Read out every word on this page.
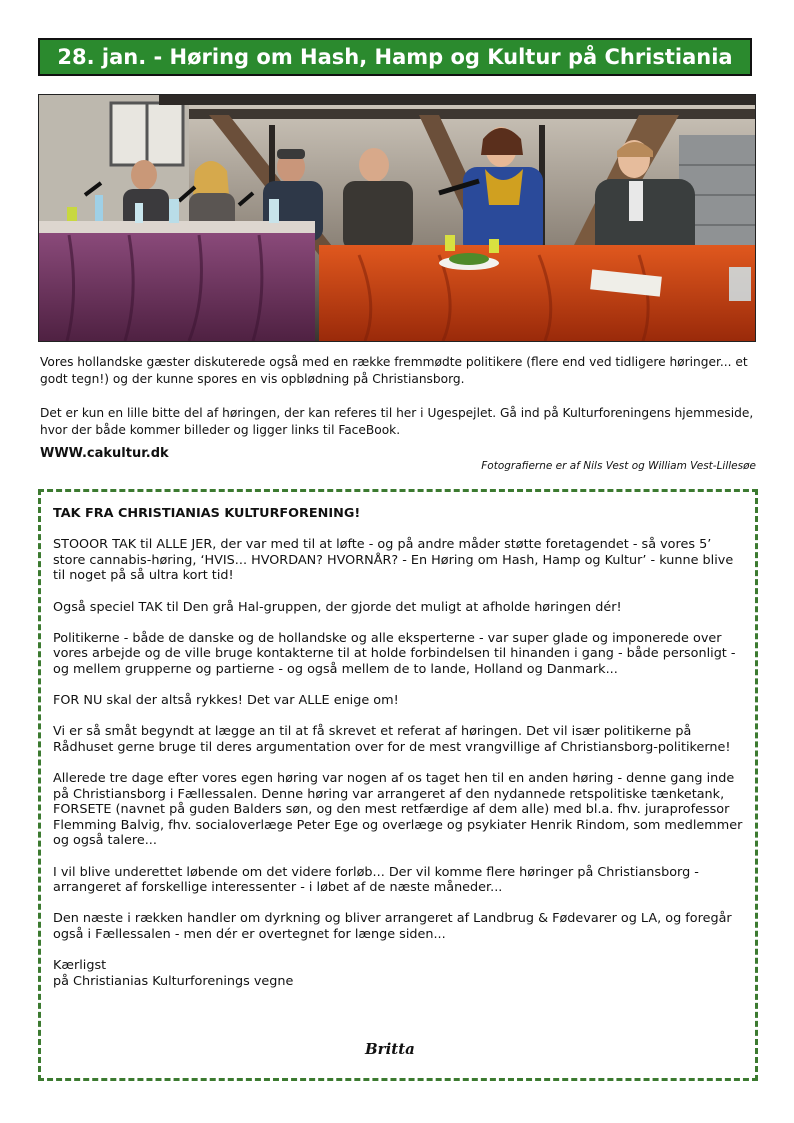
28. jan. - Høring om Hash, Hamp og Kultur på Christiania

Vores hollandske gæster diskuterede også med en række fremmødte politikere (flere end ved tidligere høringer... et godt tegn!) og der kunne spores en vis opblødning på Christiansborg.

Det er kun en lille bitte del af høringen, der kan referes til her i Ugespejlet. Gå ind på Kulturforeningens hjemmeside, hvor der både kommer billeder og ligger links til FaceBook.

WWW.cakultur.dk
Fotografierne er af Nils Vest og William Vest-Lillesøe

TAK FRA CHRISTIANIAS KULTURFORENING!

STOOOR TAK til ALLE JER, der var med til at løfte - og på andre måder støtte foretagendet - så vores 5’ store cannabis-høring, ‘HVIS... HVORDAN? HVORNÅR? - En Høring om Hash, Hamp og Kultur’ - kunne blive til noget på så ultra kort tid!

Også speciel TAK til Den grå Hal-gruppen, der gjorde det muligt at afholde høringen dér!

Politikerne - både de danske og de hollandske og alle eksperterne - var super glade og imponerede over vores arbejde og de ville bruge kontakterne til at holde forbindelsen til hinanden i gang - både personligt - og mellem grupperne og partierne - og også mellem de to lande, Holland og Danmark...

FOR NU skal der altså rykkes! Det var ALLE enige om!

Vi er så småt begyndt at lægge an til at få skrevet et referat af høringen. Det vil især politikerne på Rådhuset gerne bruge til deres argumentation over for de mest vrangvillige af Christiansborg-politikerne!

Allerede tre dage efter vores egen høring var nogen af os taget hen til en anden høring - denne gang inde på Christiansborg i Fællessalen. Denne høring var arrangeret af den nydannede retspolitiske tænketank, FORSETE (navnet på guden Balders søn, og den mest retfærdige af dem alle) med bl.a. fhv. juraprofessor Flemming Balvig, fhv. socialoverlæge Peter Ege og overlæge og psykiater Henrik Rindom, som medlemmer og også talere...

I vil blive underettet løbende om det videre forløb... Der vil komme flere høringer på Christiansborg - arrangeret af forskellige interessenter - i løbet af de næste måneder...

Den næste i rækken handler om dyrkning og bliver arrangeret af Landbrug & Fødevarer og LA, og foregår også i Fællessalen - men dér er overtegnet for længe siden...

Kærligst
på Christianias Kulturforenings vegne
Britta
